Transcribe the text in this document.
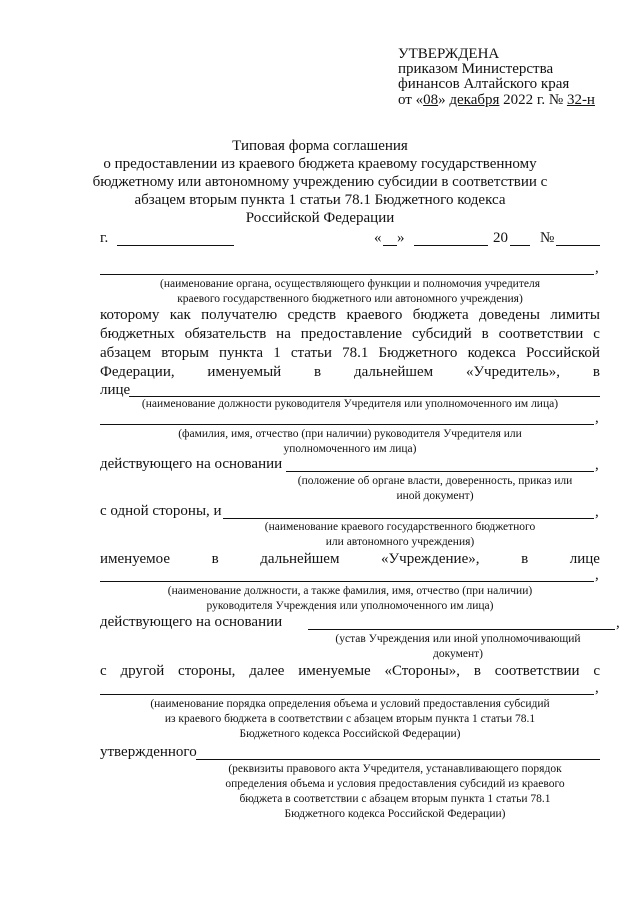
УТВЕРЖДЕНА
приказом Министерства
финансов Алтайского края
от «08» декабря 2022 г. № 32-н
Типовая форма соглашения
о предоставлении из краевого бюджета краевому государственному
бюджетному или автономному учреждению субсидии в соответствии с
абзацем вторым пункта 1 статьи 78.1 Бюджетного кодекса
Российской Федерации
г.	« »	20 №
,
(наименование органа, осуществляющего функции и полномочия учредителя
краевого государственного бюджетного или автономного учреждения)
которому как получателю средств краевого бюджета доведены лимиты
бюджетных обязательств на предоставление субсидий в соответствии с
абзацем вторым пункта 1 статьи 78.1 Бюджетного кодекса Российской
Федерации, именуемый в дальнейшем «Учредитель», в
лице
(наименование должности руководителя Учредителя или уполномоченного им лица)
,
(фамилия, имя, отчество (при наличии) руководителя Учредителя или
уполномоченного им лица)
действующего на основании	,
(положение об органе власти, доверенность, приказ или
иной документ)
с одной стороны, и	,
(наименование краевого государственного бюджетного
или автономного учреждения)
именуемое	в	дальнейшем	«Учреждение»,	в	лице
,
(наименование должности, а также фамилия, имя, отчество (при наличии)
руководителя Учреждения или уполномоченного им лица)
действующего на основании	,
(устав Учреждения или иной уполномочивающий
документ)
с другой стороны, далее именуемые «Стороны», в соответствии с
,
(наименование порядка определения объема и условий предоставления субсидий
из краевого бюджета в соответствии с абзацем вторым пункта 1 статьи 78.1
Бюджетного кодекса Российской Федерации)
утвержденного
(реквизиты правового акта Учредителя, устанавливающего порядок
определения объема и условия предоставления субсидий из краевого
бюджета в соответствии с абзацем вторым пункта 1 статьи 78.1
Бюджетного кодекса Российской Федерации)
